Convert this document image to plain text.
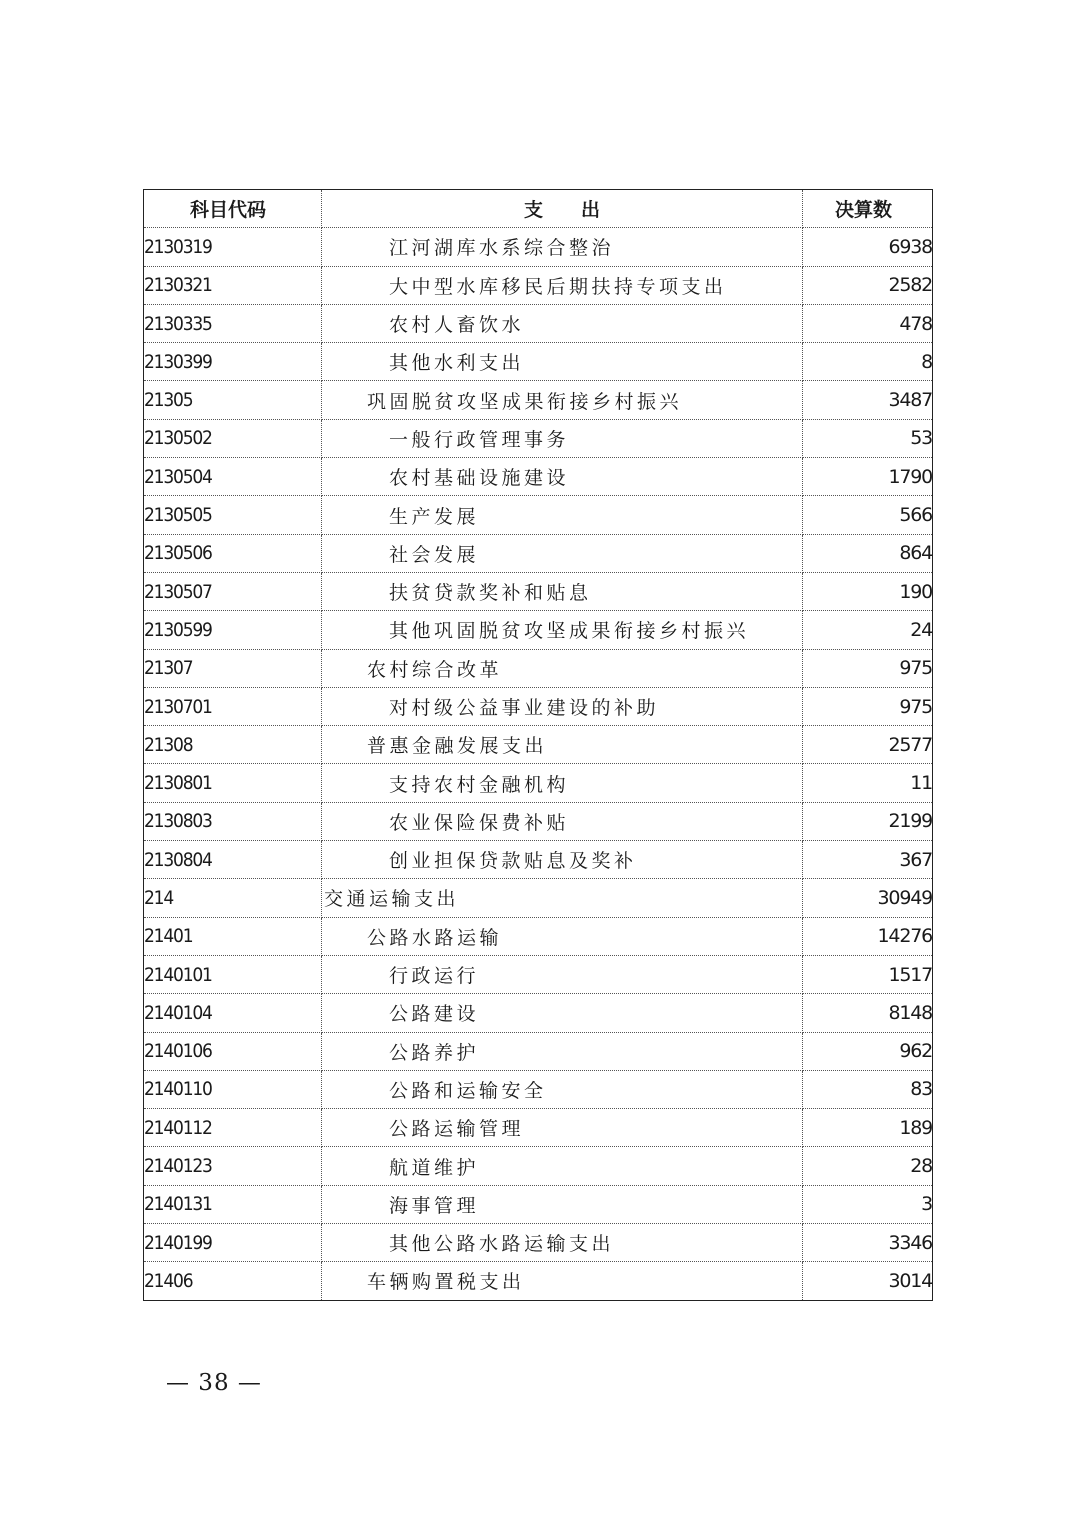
科目代码	支　　出	决算数
2130319	江河湖库水系综合整治	6938
2130321	大中型水库移民后期扶持专项支出	2582
2130335	农村人畜饮水	478
2130399	其他水利支出	8
21305	巩固脱贫攻坚成果衔接乡村振兴	3487
2130502	一般行政管理事务	53
2130504	农村基础设施建设	1790
2130505	生产发展	566
2130506	社会发展	864
2130507	扶贫贷款奖补和贴息	190
2130599	其他巩固脱贫攻坚成果衔接乡村振兴	24
21307	农村综合改革	975
2130701	对村级公益事业建设的补助	975
21308	普惠金融发展支出	2577
2130801	支持农村金融机构	11
2130803	农业保险保费补贴	2199
2130804	创业担保贷款贴息及奖补	367
214	交通运输支出	30949
21401	公路水路运输	14276
2140101	行政运行	1517
2140104	公路建设	8148
2140106	公路养护	962
2140110	公路和运输安全	83
2140112	公路运输管理	189
2140123	航道维护	28
2140131	海事管理	3
2140199	其他公路水路运输支出	3346
21406	车辆购置税支出	3014
— 38 —
